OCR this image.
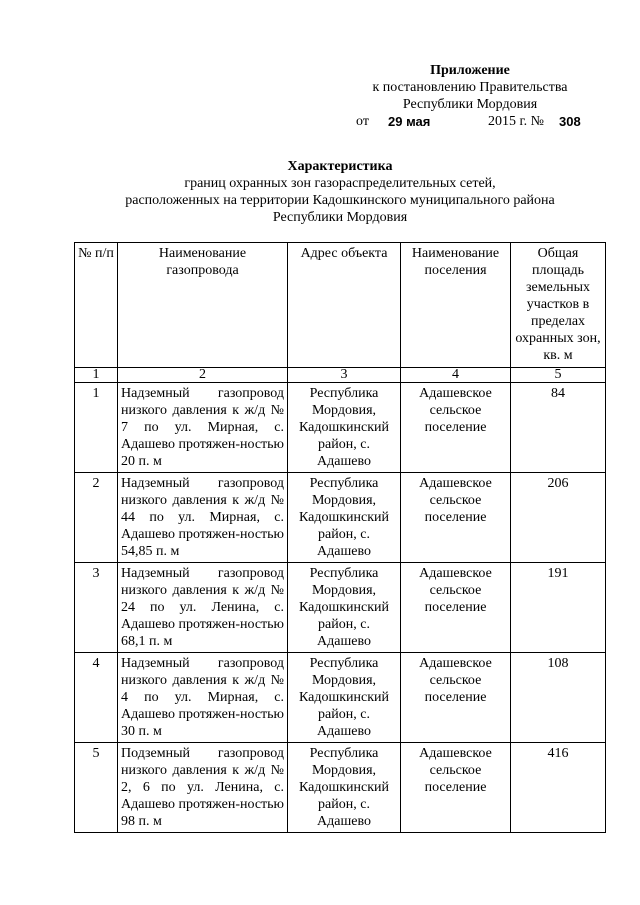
Приложение
к постановлению Правительства
Республики Мордовия
от 29 мая	2015 г. № 308
Характеристика
границ охранных зон газораспределительных сетей,
расположенных на территории Кадошкинского муниципального района
Республики Мордовия
№ п/п	Наименование газопровода	Адрес объекта	Наименование поселения	Общая площадь земельных участков в пределах охранных зон, кв. м
1	2	3	4	5
1	Надземный газопровод низкого давления к ж/д № 7 по ул. Мирная, с. Адашево протяжен-ностью 20 п. м	Республика Мордовия, Кадошкинский район, с. Адашево	Адашевское сельское поселение	84
2	Надземный газопровод низкого давления к ж/д № 44 по ул. Мирная, с. Адашево протяжен-ностью 54,85 п. м	Республика Мордовия, Кадошкинский район, с. Адашево	Адашевское сельское поселение	206
3	Надземный газопровод низкого давления к ж/д № 24 по ул. Ленина, с. Адашево протяжен-ностью 68,1 п. м	Республика Мордовия, Кадошкинский район, с. Адашево	Адашевское сельское поселение	191
4	Надземный газопровод низкого давления к ж/д № 4 по ул. Мирная, с. Адашево протяжен-ностью 30 п. м	Республика Мордовия, Кадошкинский район, с. Адашево	Адашевское сельское поселение	108
5	Подземный газопровод низкого давления к ж/д № 2, 6 по ул. Ленина, с. Адашево протяжен-ностью 98 п. м	Республика Мордовия, Кадошкинский район, с. Адашево	Адашевское сельское поселение	416
